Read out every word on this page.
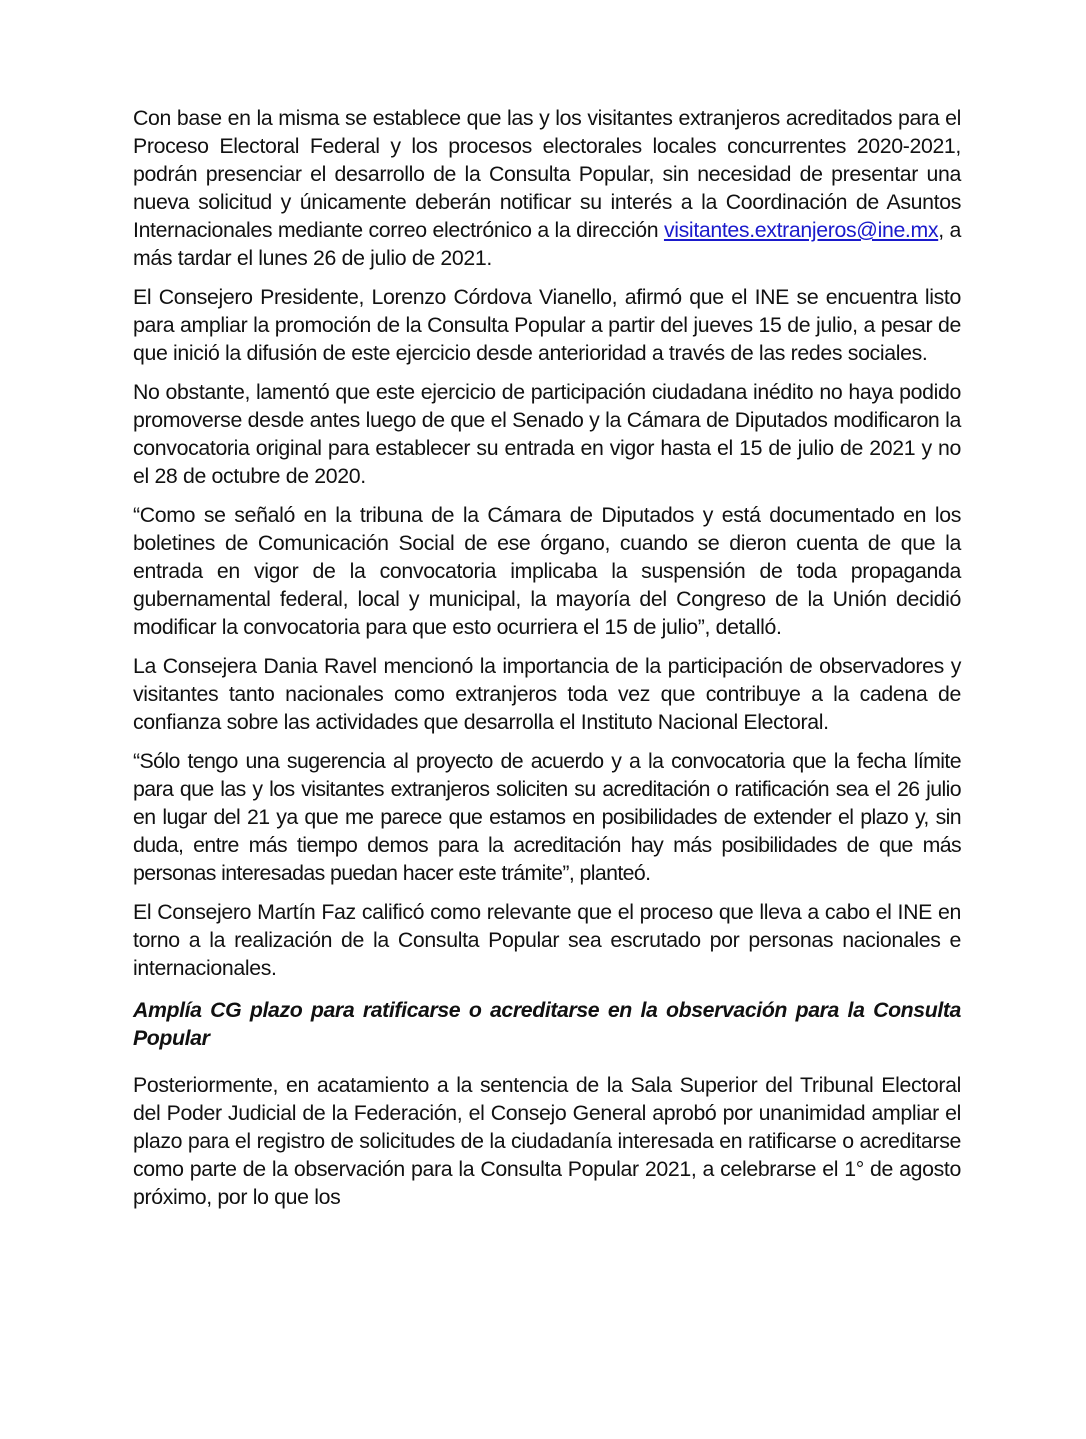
Con base en la misma se establece que las y los visitantes extranjeros acreditados para el Proceso Electoral Federal y los procesos electorales locales concurrentes 2020-2021, podrán presenciar el desarrollo de la Consulta Popular, sin necesidad de presentar una nueva solicitud y únicamente deberán notificar su interés a la Coordinación de Asuntos Internacionales mediante correo electrónico a la dirección visitantes.extranjeros@ine.mx, a más tardar el lunes 26 de julio de 2021.

El Consejero Presidente, Lorenzo Córdova Vianello, afirmó que el INE se encuentra listo para ampliar la promoción de la Consulta Popular a partir del jueves 15 de julio, a pesar de que inició la difusión de este ejercicio desde anterioridad a través de las redes sociales.

No obstante, lamentó que este ejercicio de participación ciudadana inédito no haya podido promoverse desde antes luego de que el Senado y la Cámara de Diputados modificaron la convocatoria original para establecer su entrada en vigor hasta el 15 de julio de 2021 y no el 28 de octubre de 2020.

“Como se señaló en la tribuna de la Cámara de Diputados y está documentado en los boletines de Comunicación Social de ese órgano, cuando se dieron cuenta de que la entrada en vigor de la convocatoria implicaba la suspensión de toda propaganda gubernamental federal, local y municipal, la mayoría del Congreso de la Unión decidió modificar la convocatoria para que esto ocurriera el 15 de julio”, detalló.

La Consejera Dania Ravel mencionó la importancia de la participación de observadores y visitantes tanto nacionales como extranjeros toda vez que contribuye a la cadena de confianza sobre las actividades que desarrolla el Instituto Nacional Electoral.

“Sólo tengo una sugerencia al proyecto de acuerdo y a la convocatoria que la fecha límite para que las y los visitantes extranjeros soliciten su acreditación o ratificación sea el 26 julio en lugar del 21 ya que me parece que estamos en posibilidades de extender el plazo y, sin duda, entre más tiempo demos para la acreditación hay más posibilidades de que más personas interesadas puedan hacer este trámite”, planteó.

El Consejero Martín Faz calificó como relevante que el proceso que lleva a cabo el INE en torno a la realización de la Consulta Popular sea escrutado por personas nacionales e internacionales.

Amplía CG plazo para ratificarse o acreditarse en la observación para la Consulta Popular

Posteriormente, en acatamiento a la sentencia de la Sala Superior del Tribunal Electoral del Poder Judicial de la Federación, el Consejo General aprobó por unanimidad ampliar el plazo para el registro de solicitudes de la ciudadanía interesada en ratificarse o acreditarse como parte de la observación para la Consulta Popular 2021, a celebrarse el 1° de agosto próximo, por lo que los
